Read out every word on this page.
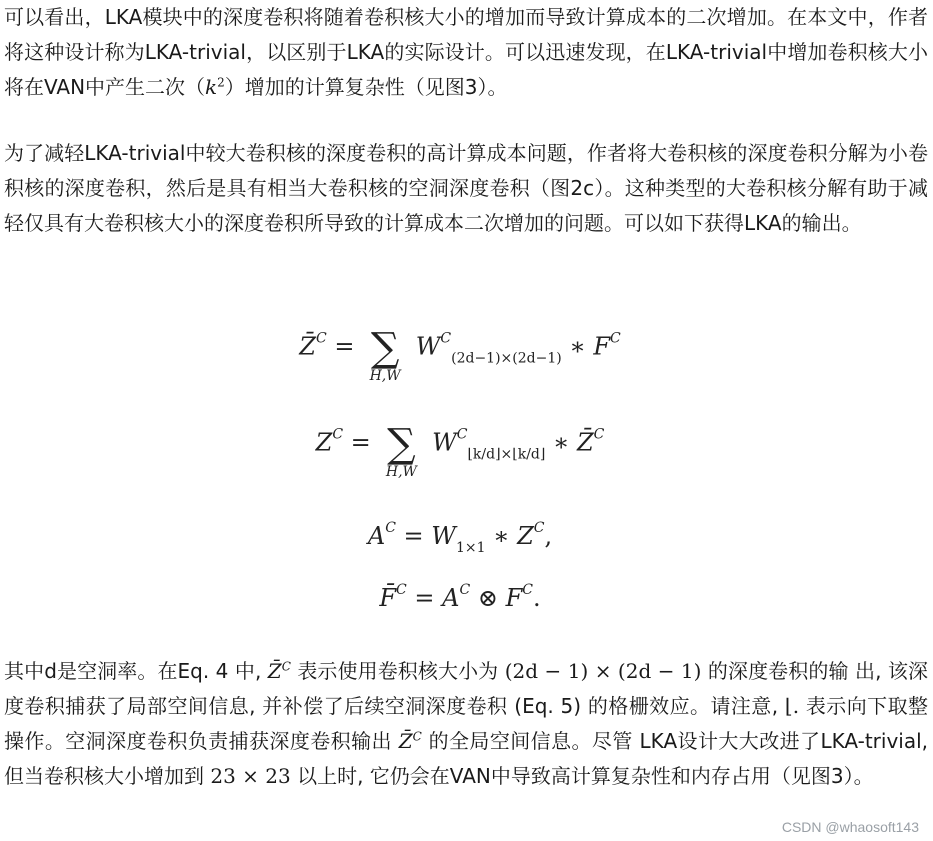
可以看出，LKA模块中的深度卷积将随着卷积核大小的增加而导致计算成本的二次增加。在本文中，作者将这种设计称为LKA-trivial，以区别于LKA的实际设计。可以迅速发现，在LKA-trivial中增加卷积核大小将在VAN中产生二次$(k^2)$增加的计算复杂性（见图3）。

为了减轻LKA-trivial中较大卷积核的深度卷积的高计算成本问题，作者将大卷积核的深度卷积分解为小卷积核的深度卷积，然后是具有相当大卷积核的空洞深度卷积（图2c）。这种类型的大卷积核分解有助于减轻仅具有大卷积核大小的深度卷积所导致的计算成本二次增加的问题。可以如下获得LKA的输出。

Z̄$^C$ = ∑
H,W
$W^C_{(2d-1)\times(2d-1)}$ ∗ $F^C$
$Z^C$ = ∑
H,W
$W^C_{⌊k/d⌋\times⌊k/d⌋}$ ∗ Z̄$^C$
$A^C = W_{1\times 1}$ ∗ $Z^C$,
F̄$^C$ = $A^C$ ⊗ $F^C$.

其中d是空洞率。在Eq. 4 中, Z̄$^C$ 表示使用卷积核大小为 (2d − 1) × (2d − 1) 的深度卷积的输 出, 该深度卷积捕获了局部空间信息, 并补偿了后续空洞深度卷积 (Eq. 5) 的格栅效应。请注意, ⌊. 表示向下取整操作。空洞深度卷积负责捕获深度卷积输出 Z̄$^C$ 的全局空间信息。尽管 LKA设计大大改进了LKA-trivial, 但当卷积核大小增加到 23 × 23 以上时, 它仍会在VAN中导致高计算复杂性和内存占用（见图3）。

CSDN @whaosoft143
